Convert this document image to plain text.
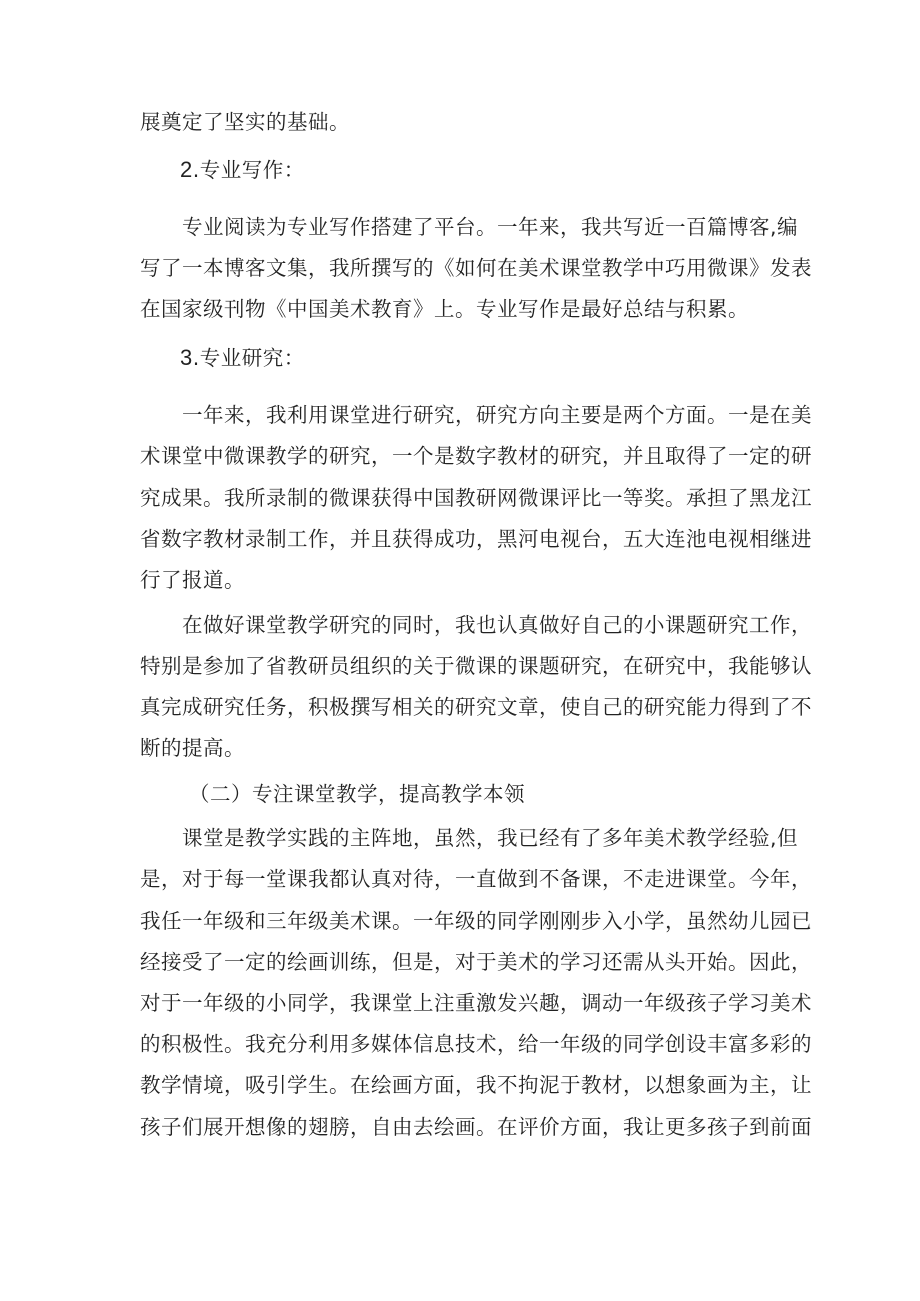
展奠定了坚实的基础。
2.专业写作：
专业阅读为专业写作搭建了平台。一年来，我共写近一百篇博客,编
写了一本博客文集，我所撰写的《如何在美术课堂教学中巧用微课》发表
在国家级刊物《中国美术教育》上。专业写作是最好总结与积累。
3.专业研究：
一年来，我利用课堂进行研究，研究方向主要是两个方面。一是在美
术课堂中微课教学的研究，一个是数字教材的研究，并且取得了一定的研
究成果。我所录制的微课获得中国教研网微课评比一等奖。承担了黑龙江
省数字教材录制工作，并且获得成功，黑河电视台，五大连池电视相继进
行了报道。
在做好课堂教学研究的同时，我也认真做好自己的小课题研究工作，
特别是参加了省教研员组织的关于微课的课题研究，在研究中，我能够认
真完成研究任务，积极撰写相关的研究文章，使自己的研究能力得到了不
断的提高。
（二）专注课堂教学，提高教学本领
课堂是教学实践的主阵地，虽然，我已经有了多年美术教学经验,但
是，对于每一堂课我都认真对待，一直做到不备课，不走进课堂。今年，
我任一年级和三年级美术课。一年级的同学刚刚步入小学，虽然幼儿园已
经接受了一定的绘画训练，但是，对于美术的学习还需从头开始。因此，
对于一年级的小同学，我课堂上注重激发兴趣，调动一年级孩子学习美术
的积极性。我充分利用多媒体信息技术，给一年级的同学创设丰富多彩的
教学情境，吸引学生。在绘画方面，我不拘泥于教材，以想象画为主，让
孩子们展开想像的翅膀，自由去绘画。在评价方面，我让更多孩子到前面
